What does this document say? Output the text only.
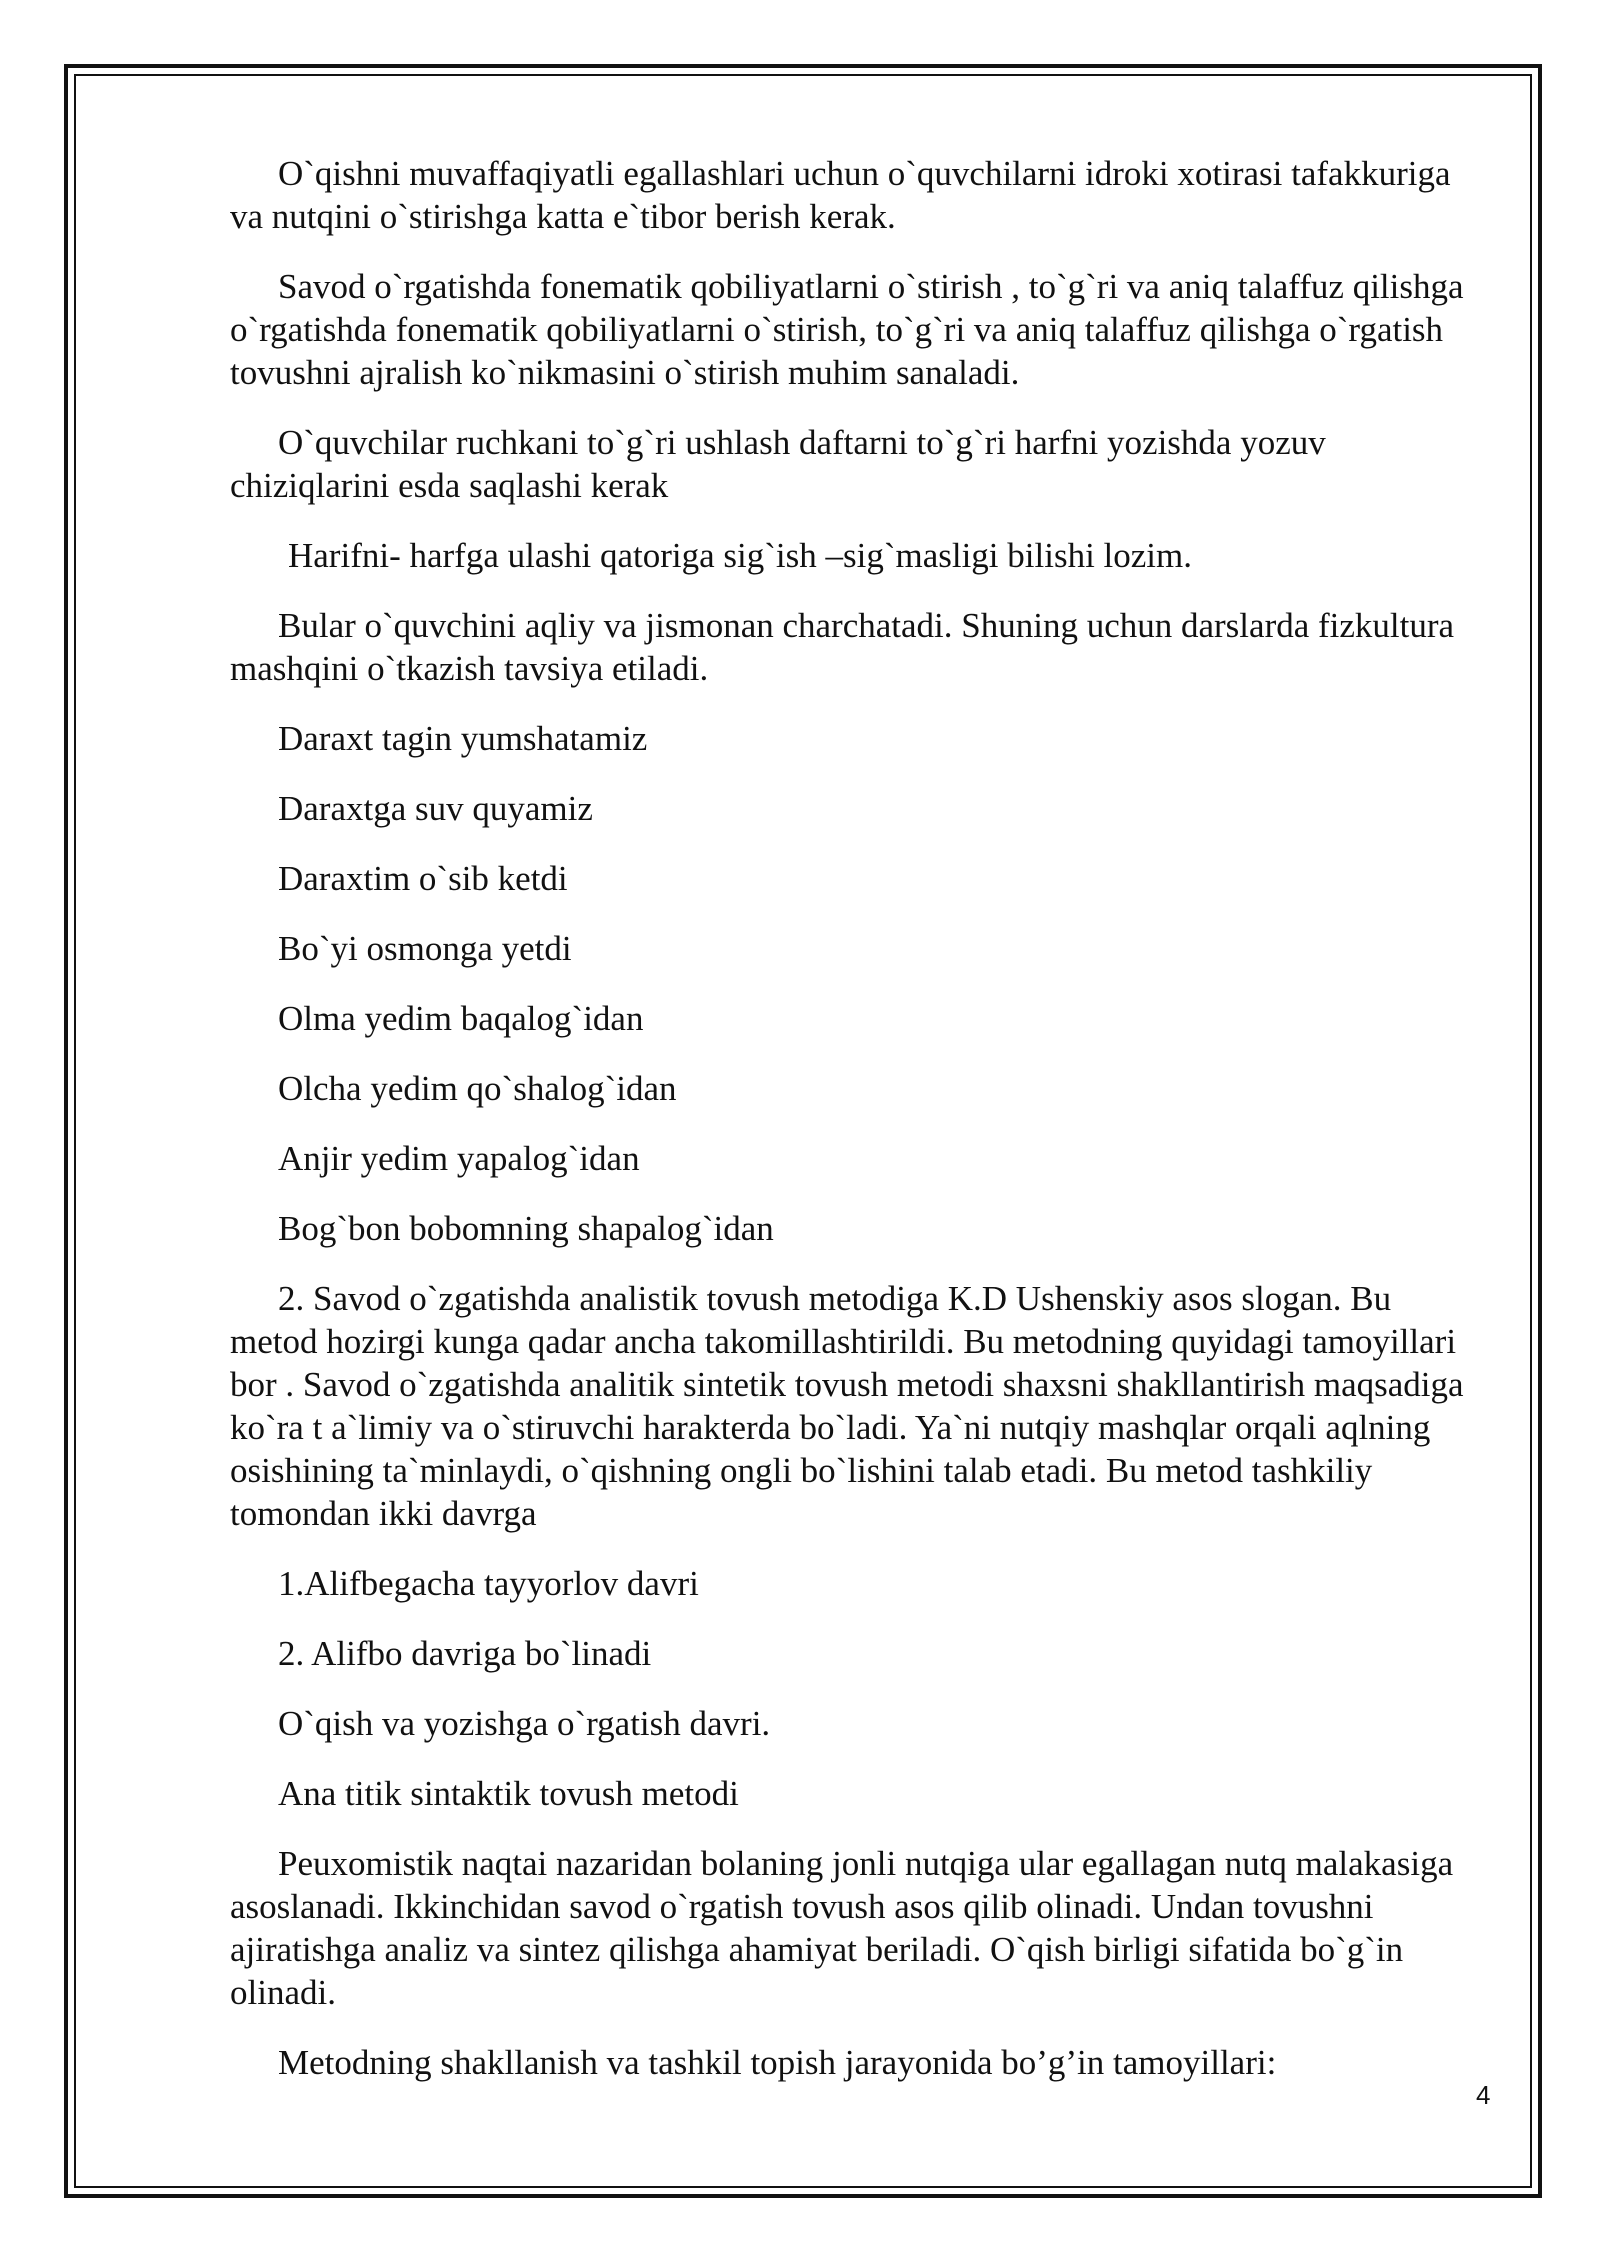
O`qishni muvaffaqiyatli egallashlari uchun o`quvchilarni idroki xotirasi tafakkuriga va nutqini o`stirishga katta e`tibor berish kerak.

Savod o`rgatishda fonematik qobiliyatlarni o`stirish , to`g`ri va aniq talaffuz qilishga o`rgatishda fonematik qobiliyatlarni o`stirish, to`g`ri va aniq talaffuz qilishga o`rgatish tovushni ajralish ko`nikmasini o`stirish muhim sanaladi.

O`quvchilar ruchkani to`g`ri ushlash daftarni to`g`ri harfni yozishda yozuv chiziqlarini esda saqlashi kerak

Harifni- harfga ulashi qatoriga sig`ish –sig`masligi bilishi lozim.

Bular o`quvchini aqliy va jismonan charchatadi. Shuning uchun darslarda fizkultura mashqini o`tkazish tavsiya etiladi.

Daraxt tagin yumshatamiz

Daraxtga suv quyamiz

Daraxtim o`sib ketdi

Bo`yi osmonga yetdi

Olma yedim baqalog`idan

Olcha yedim qo`shalog`idan

Anjir yedim yapalog`idan

Bog`bon bobomning shapalog`idan

2. Savod o`zgatishda analistik tovush metodiga K.D Ushenskiy asos slogan. Bu metod hozirgi kunga qadar ancha takomillashtirildi. Bu metodning quyidagi tamoyillari bor . Savod o`zgatishda analitik sintetik tovush metodi shaxsni shakllantirish maqsadiga ko`ra t a`limiy va o`stiruvchi harakterda bo`ladi. Ya`ni nutqiy mashqlar orqali aqlning osishining ta`minlaydi, o`qishning ongli bo`lishini talab etadi. Bu metod tashkiliy tomondan ikki davrga

1.Alifbegacha tayyorlov davri

2. Alifbo davriga bo`linadi

O`qish va yozishga o`rgatish davri.

Ana titik sintaktik tovush metodi

Peuxomistik naqtai nazaridan bolaning jonli nutqiga ular egallagan nutq malakasiga asoslanadi. Ikkinchidan savod o`rgatish tovush asos qilib olinadi. Undan tovushni ajiratishga analiz va sintez qilishga ahamiyat beriladi. O`qish birligi sifatida bo`g`in olinadi.

Metodning shakllanish va tashkil topish jarayonida bo’g’in tamoyillari:

4
